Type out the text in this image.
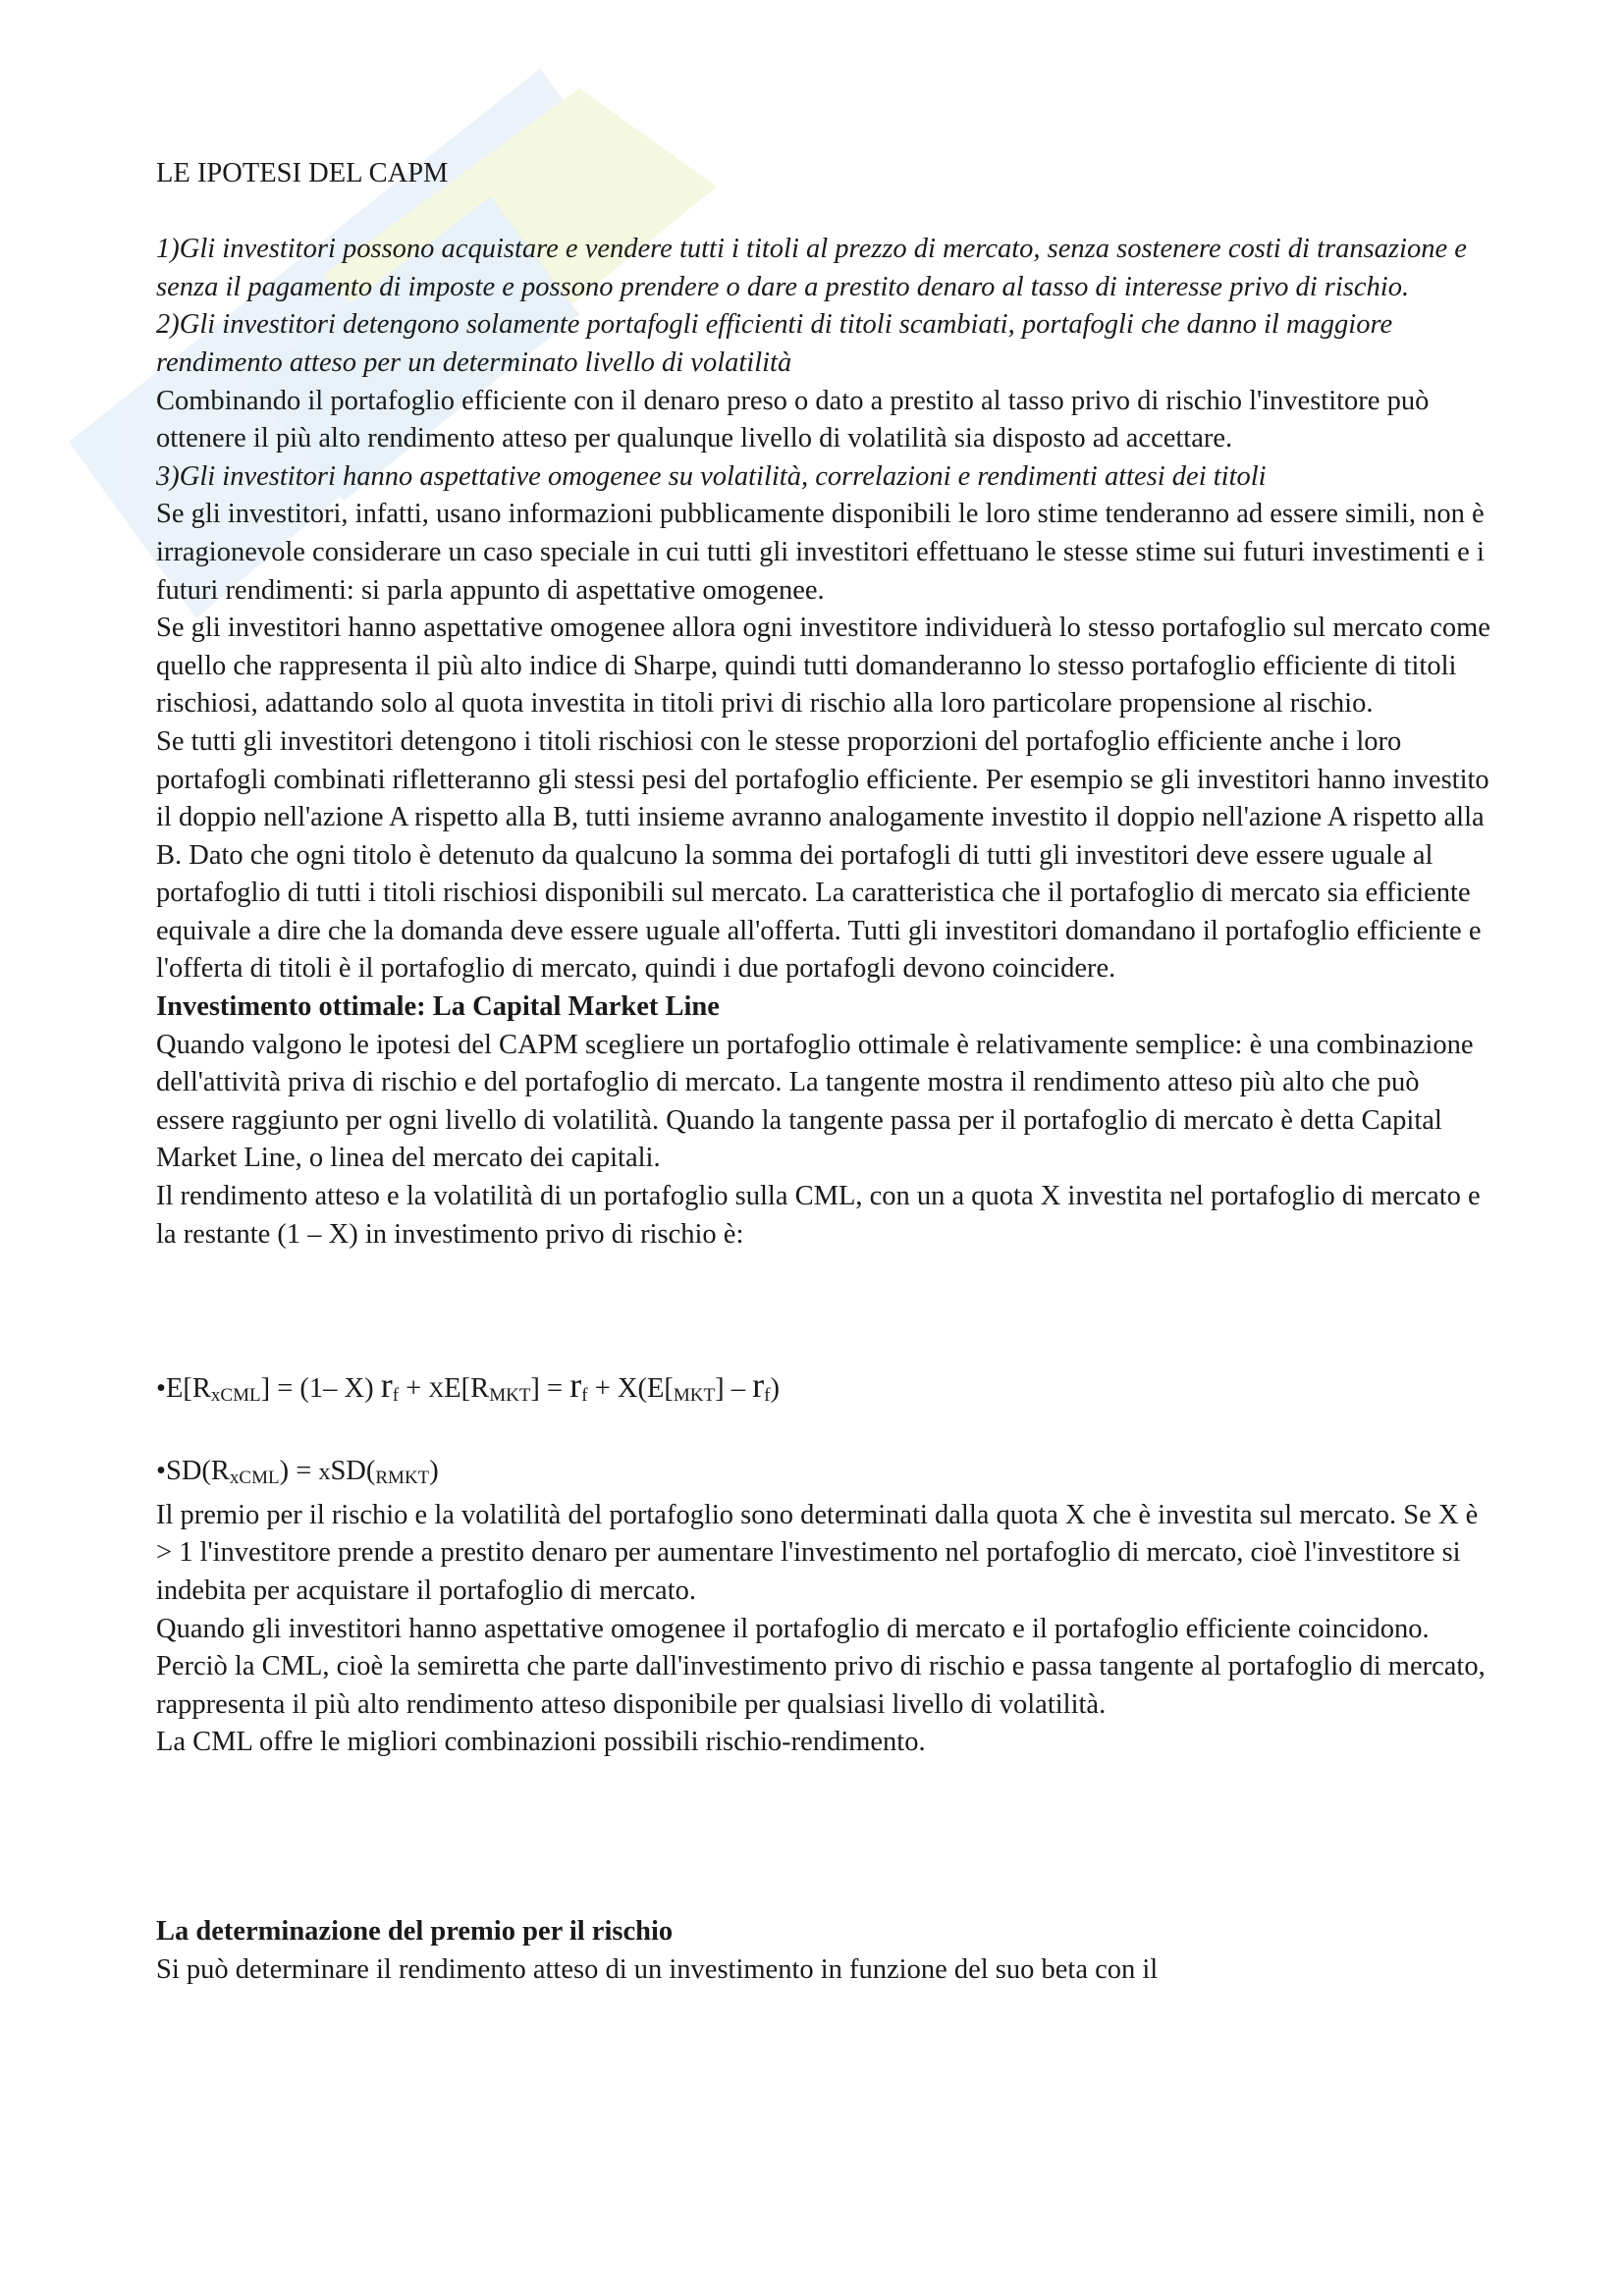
LE IPOTESI DEL CAPM

1)Gli investitori possono acquistare e vendere tutti i titoli al prezzo di mercato, senza sostenere costi di transazione e senza il pagamento di imposte e possono prendere o dare a prestito denaro al tasso di interesse privo di rischio.

2)Gli investitori detengono solamente portafogli efficienti di titoli scambiati, portafogli che danno il maggiore rendimento atteso per un determinato livello di volatilità

Combinando il portafoglio efficiente con il denaro preso o dato a prestito al tasso privo di rischio l'investitore può ottenere il più alto rendimento atteso per qualunque livello di volatilità sia disposto ad accettare.

3)Gli investitori hanno aspettative omogenee su volatilità, correlazioni e rendimenti attesi dei titoli

Se gli investitori, infatti, usano informazioni pubblicamente disponibili le loro stime tenderanno ad essere simili, non è irragionevole considerare un caso speciale in cui tutti gli investitori effettuano le stesse stime sui futuri investimenti e i futuri rendimenti: si parla appunto di aspettative omogenee.

Se gli investitori hanno aspettative omogenee allora ogni investitore individuerà lo stesso portafoglio sul mercato come quello che rappresenta il più alto indice di Sharpe, quindi tutti domanderanno lo stesso portafoglio efficiente di titoli rischiosi, adattando solo al quota investita in titoli privi di rischio alla loro particolare propensione al rischio.

Se tutti gli investitori detengono i titoli rischiosi con le stesse proporzioni del portafoglio efficiente anche i loro portafogli combinati rifletteranno gli stessi pesi del portafoglio efficiente. Per esempio se gli investitori hanno investito il doppio nell'azione A rispetto alla B, tutti insieme avranno analogamente investito il doppio nell'azione A rispetto alla B. Dato che ogni titolo è detenuto da qualcuno la somma dei portafogli di tutti gli investitori deve essere uguale al portafoglio di tutti i titoli rischiosi disponibili sul mercato. La caratteristica che il portafoglio di mercato sia efficiente equivale a dire che la domanda deve essere uguale all'offerta. Tutti gli investitori domandano il portafoglio efficiente e l'offerta di titoli è il portafoglio di mercato, quindi i due portafogli devono coincidere.

Investimento ottimale: La Capital Market Line

Quando valgono le ipotesi del CAPM scegliere un portafoglio ottimale è relativamente semplice: è una combinazione dell'attività priva di rischio e del portafoglio di mercato. La tangente mostra il rendimento atteso più alto che può essere raggiunto per ogni livello di volatilità. Quando la tangente passa per il portafoglio di mercato è detta Capital Market Line, o linea del mercato dei capitali.

Il rendimento atteso e la volatilità di un portafoglio sulla CML, con un a quota X investita nel portafoglio di mercato e la restante (1 – X) in investimento privo di rischio è:

$•E[R_{xCML}] = (1-$ X) $r_f + XE[R_{MKT}] = r_f + X(E[_{MKT}] - r_f)$

$•SD(R_{xCML}) = xSD(_{RMKT})$

Il premio per il rischio e la volatilità del portafoglio sono determinati dalla quota X che è investita sul mercato. Se X è > 1 l'investitore prende a prestito denaro per aumentare l'investimento nel portafoglio di mercato, cioè l'investitore si indebita per acquistare il portafoglio di mercato.

Quando gli investitori hanno aspettative omogenee il portafoglio di mercato e il portafoglio efficiente coincidono. Perciò la CML, cioè la semiretta che parte dall'investimento privo di rischio e passa tangente al portafoglio di mercato, rappresenta il più alto rendimento atteso disponibile per qualsiasi livello di volatilità.

La CML offre le migliori combinazioni possibili rischio-rendimento.

La determinazione del premio per il rischio

Si può determinare il rendimento atteso di un investimento in funzione del suo beta con il
